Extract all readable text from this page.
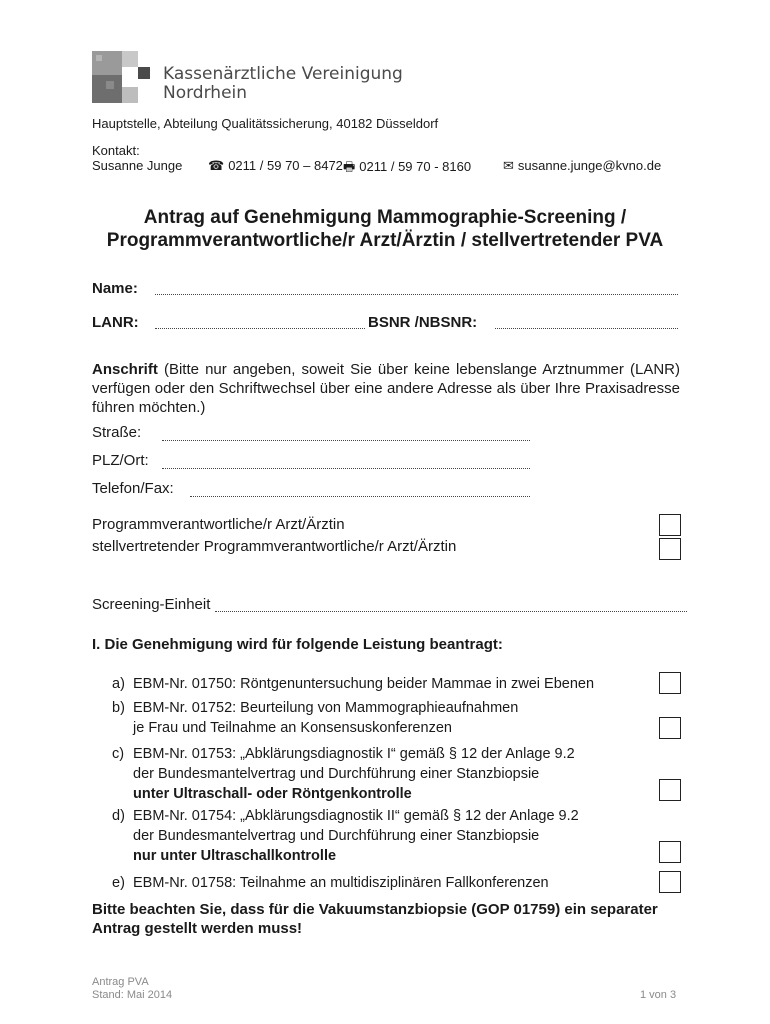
Kassenärztliche Vereinigung
Nordrhein
Hauptstelle, Abteilung Qualitätssicherung, 40182 Düsseldorf
Kontakt:
Susanne Junge ☎ 0211 / 59 70 – 8472 🖶 0211 / 59 70 - 8160 ✉ susanne.junge@kvno.de
Antrag auf Genehmigung Mammographie-Screening /
Programmverantwortliche/r Arzt/Ärztin / stellvertretender PVA
Name:
LANR:	BSNR /NBSNR:
Anschrift (Bitte nur angeben, soweit Sie über keine lebenslange Arztnummer (LANR) verfügen oder den Schriftwechsel über eine andere Adresse als über Ihre Praxisadresse führen möchten.)
Straße:
PLZ/Ort:
Telefon/Fax:
Programmverantwortliche/r Arzt/Ärztin
stellvertretender Programmverantwortliche/r Arzt/Ärztin
Screening-Einheit
I. Die Genehmigung wird für folgende Leistung beantragt:
a) EBM-Nr. 01750: Röntgenuntersuchung beider Mammae in zwei Ebenen
b) EBM-Nr. 01752: Beurteilung von Mammographieaufnahmen
je Frau und Teilnahme an Konsensuskonferenzen
c) EBM-Nr. 01753: „Abklärungsdiagnostik I“ gemäß § 12 der Anlage 9.2
der Bundesmantelvertrag und Durchführung einer Stanzbiopsie
unter Ultraschall- oder Röntgenkontrolle
d) EBM-Nr. 01754: „Abklärungsdiagnostik II“ gemäß § 12 der Anlage 9.2
der Bundesmantelvertrag und Durchführung einer Stanzbiopsie
nur unter Ultraschallkontrolle
e) EBM-Nr. 01758: Teilnahme an multidisziplinären Fallkonferenzen
Bitte beachten Sie, dass für die Vakuumstanzbiopsie (GOP 01759) ein separater
Antrag gestellt werden muss!
Antrag PVA
Stand: Mai 2014	1 von 3
